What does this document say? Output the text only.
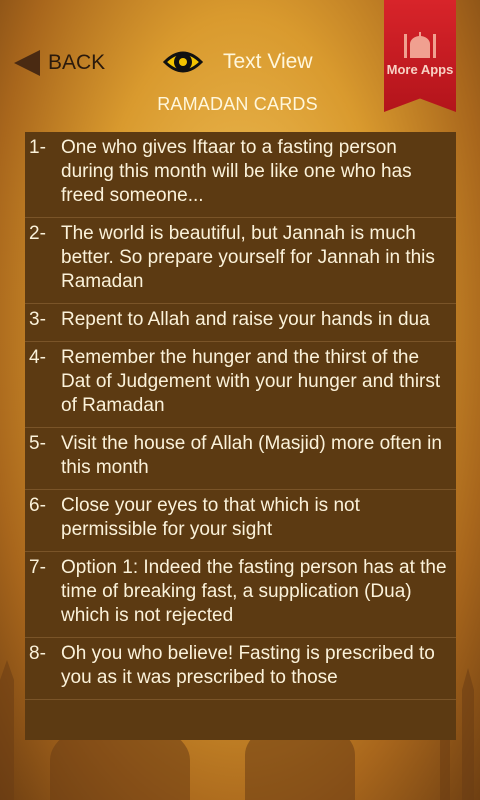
BACK	Text View
RAMADAN CARDS
More Apps
1- One who gives Iftaar to a fasting person during this month will be like one who has freed someone...
2- The world is beautiful, but Jannah is much better. So prepare yourself for Jannah in this Ramadan
3- Repent to Allah and raise your hands in dua
4- Remember the hunger and the thirst of the Dat of Judgement with your hunger and thirst of Ramadan
5- Visit the house of Allah (Masjid) more often in this month
6- Close your eyes to that which is not permissible for your sight
7- Option 1: Indeed the fasting person has at the time of breaking fast, a supplication (Dua) which is not rejected
8- Oh you who believe! Fasting is prescribed to you as it was prescribed to those
